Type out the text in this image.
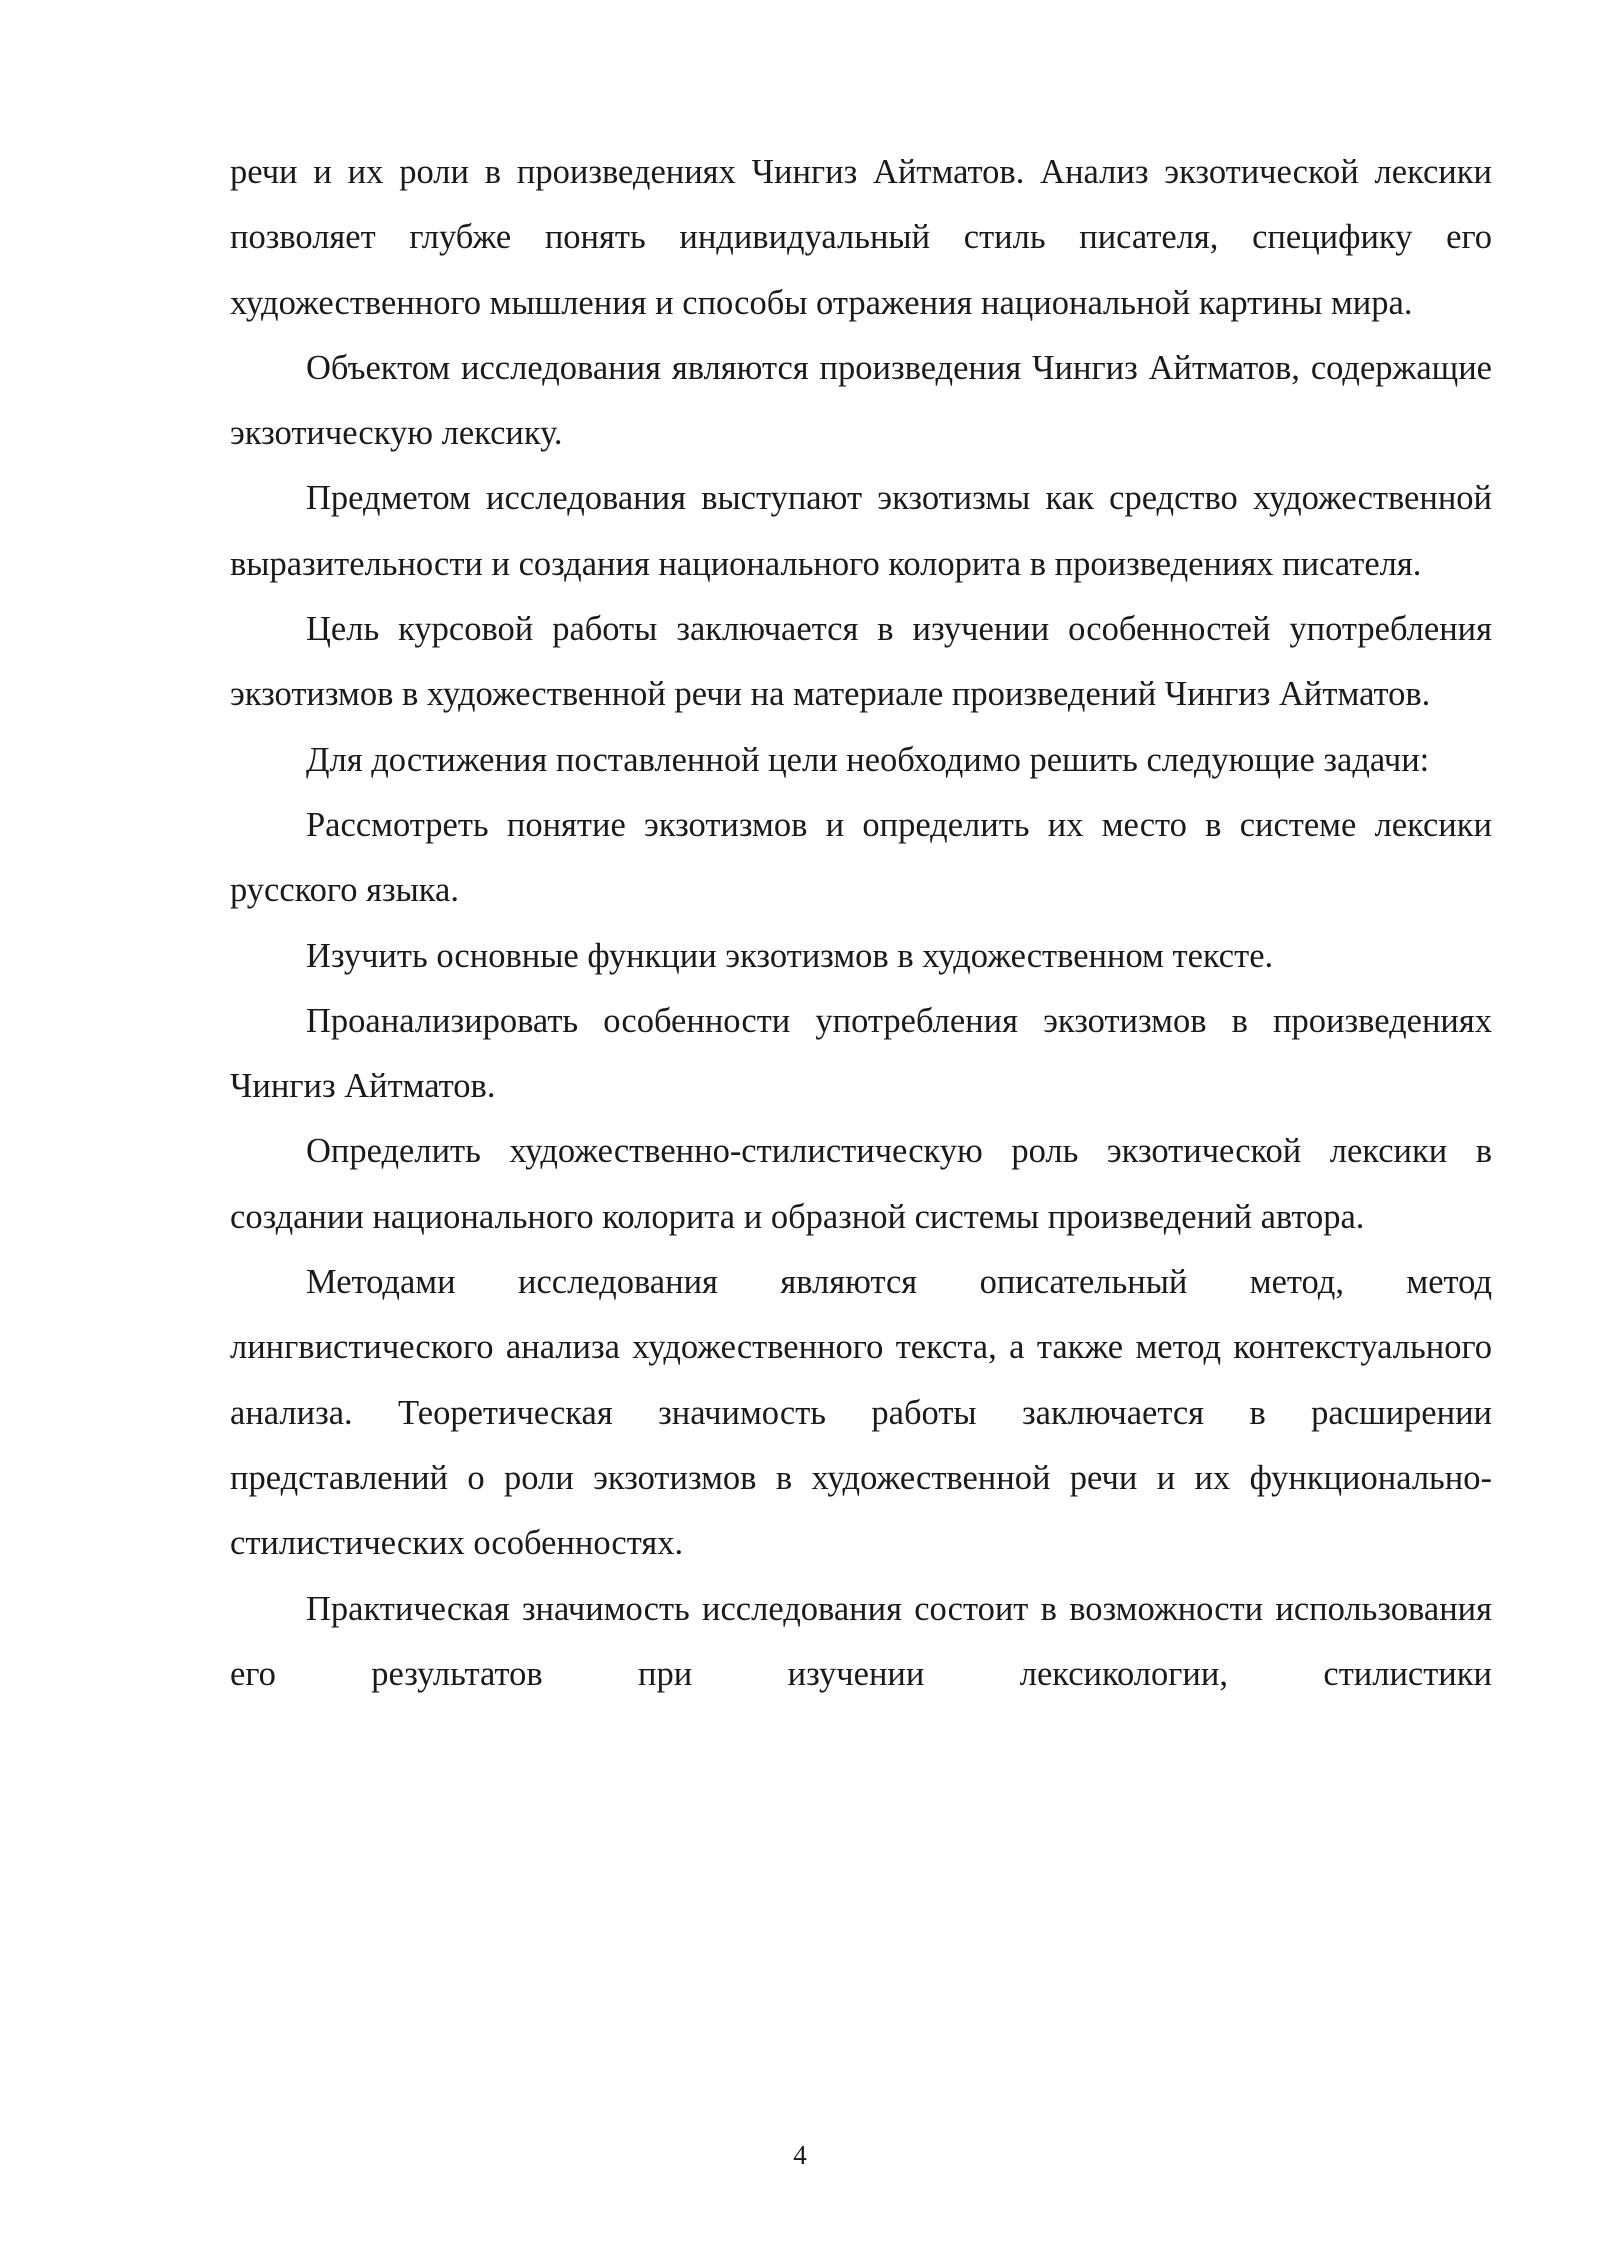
речи и их роли в произведениях Чингиз Айтматов. Анализ экзотической лексики позволяет глубже понять индивидуальный стиль писателя, специфику его художественного мышления и способы отражения национальной картины мира.

Объектом исследования являются произведения Чингиз Айтматов, содержащие экзотическую лексику.

Предметом исследования выступают экзотизмы как средство художественной выразительности и создания национального колорита в произведениях писателя.

Цель курсовой работы заключается в изучении особенностей употребления экзотизмов в художественной речи на материале произведений Чингиз Айтматов.

Для достижения поставленной цели необходимо решить следующие задачи:

Рассмотреть понятие экзотизмов и определить их место в системе лексики русского языка.

Изучить основные функции экзотизмов в художественном тексте.

Проанализировать особенности употребления экзотизмов в произведениях Чингиз Айтматов.

Определить художественно-стилистическую роль экзотической лексики в создании национального колорита и образной системы произведений автора.

Методами исследования являются описательный метод, метод лингвистического анализа художественного текста, а также метод контекстуального анализа. Теоретическая значимость работы заключается в расширении представлений о роли экзотизмов в художественной речи и их функционально-стилистических особенностях.

Практическая значимость исследования состоит в возможности использования его результатов при изучении лексикологии, стилистики

4
